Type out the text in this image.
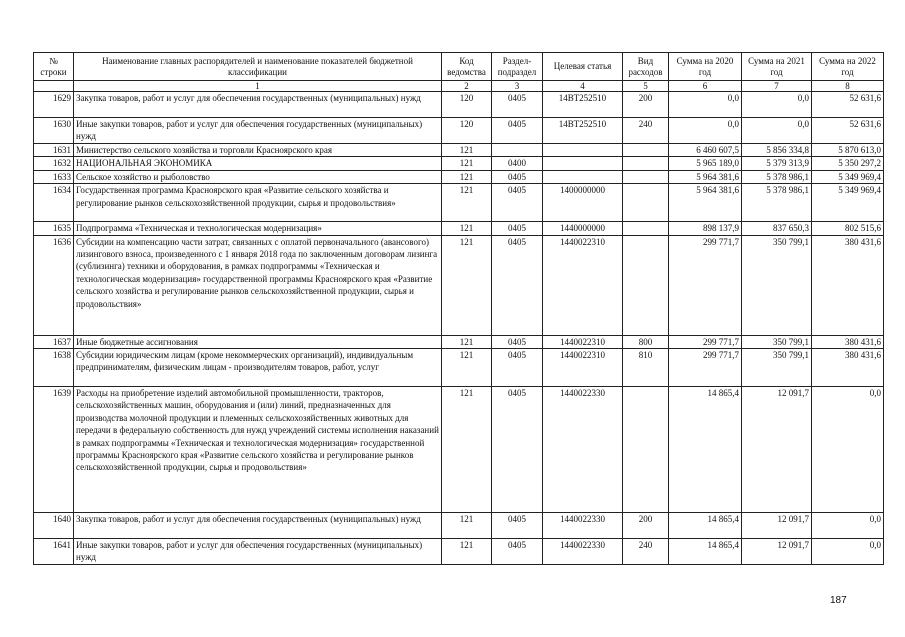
№ строки	Наименование главных распорядителей и наименование показателей бюджетной классификации	Код ведомства	Раздел-подраздел	Целевая статья	Вид расходов	Сумма на 2020 год	Сумма на 2021 год	Сумма на 2022 год
	1	2	3	4	5	6	7	8
1629	Закупка товаров, работ и услуг для обеспечения государственных (муниципальных) нужд	120	0405	14ВТ252510	200	0,0	0,0	52 631,6
1630	Иные закупки товаров, работ и услуг для обеспечения государственных (муниципальных) нужд	120	0405	14ВТ252510	240	0,0	0,0	52 631,6
1631	Министерство сельского хозяйства и торговли Красноярского края	121				6 460 607,5	5 856 334,8	5 870 613,0
1632	НАЦИОНАЛЬНАЯ ЭКОНОМИКА	121	0400			5 965 189,0	5 379 313,9	5 350 297,2
1633	Сельское хозяйство и рыболовство	121	0405			5 964 381,6	5 378 986,1	5 349 969,4
1634	Государственная программа Красноярского края «Развитие сельского хозяйства и регулирование рынков сельскохозяйственной продукции, сырья и продовольствия»	121	0405	1400000000		5 964 381,6	5 378 986,1	5 349 969,4
1635	Подпрограмма «Техническая и технологическая модернизация»	121	0405	1440000000		898 137,9	837 650,3	802 515,6
1636	Субсидии на компенсацию части затрат, связанных с оплатой первоначального (авансового) лизингового взноса, произведенного с 1 января 2018 года по заключенным договорам лизинга (сублизинга) техники и оборудования, в рамках подпрограммы «Техническая и технологическая модернизация» государственной программы Красноярского края «Развитие сельского хозяйства и регулирование рынков сельскохозяйственной продукции, сырья и продовольствия»	121	0405	1440022310		299 771,7	350 799,1	380 431,6
1637	Иные бюджетные ассигнования	121	0405	1440022310	800	299 771,7	350 799,1	380 431,6
1638	Субсидии юридическим лицам (кроме некоммерческих организаций), индивидуальным предпринимателям, физическим лицам - производителям товаров, работ, услуг	121	0405	1440022310	810	299 771,7	350 799,1	380 431,6
1639	Расходы на приобретение изделий автомобильной промышленности, тракторов, сельскохозяйственных машин, оборудования и (или) линий, предназначенных для производства молочной продукции и племенных сельскохозяйственных животных для передачи в федеральную собственность для нужд учреждений системы исполнения наказаний в рамках подпрограммы «Техническая и технологическая модернизация» государственной программы Красноярского края «Развитие сельского хозяйства и регулирование рынков сельскохозяйственной продукции, сырья и продовольствия»	121	0405	1440022330		14 865,4	12 091,7	0,0
1640	Закупка товаров, работ и услуг для обеспечения государственных (муниципальных) нужд	121	0405	1440022330	200	14 865,4	12 091,7	0,0
1641	Иные закупки товаров, работ и услуг для обеспечения государственных (муниципальных) нужд	121	0405	1440022330	240	14 865,4	12 091,7	0,0
187
